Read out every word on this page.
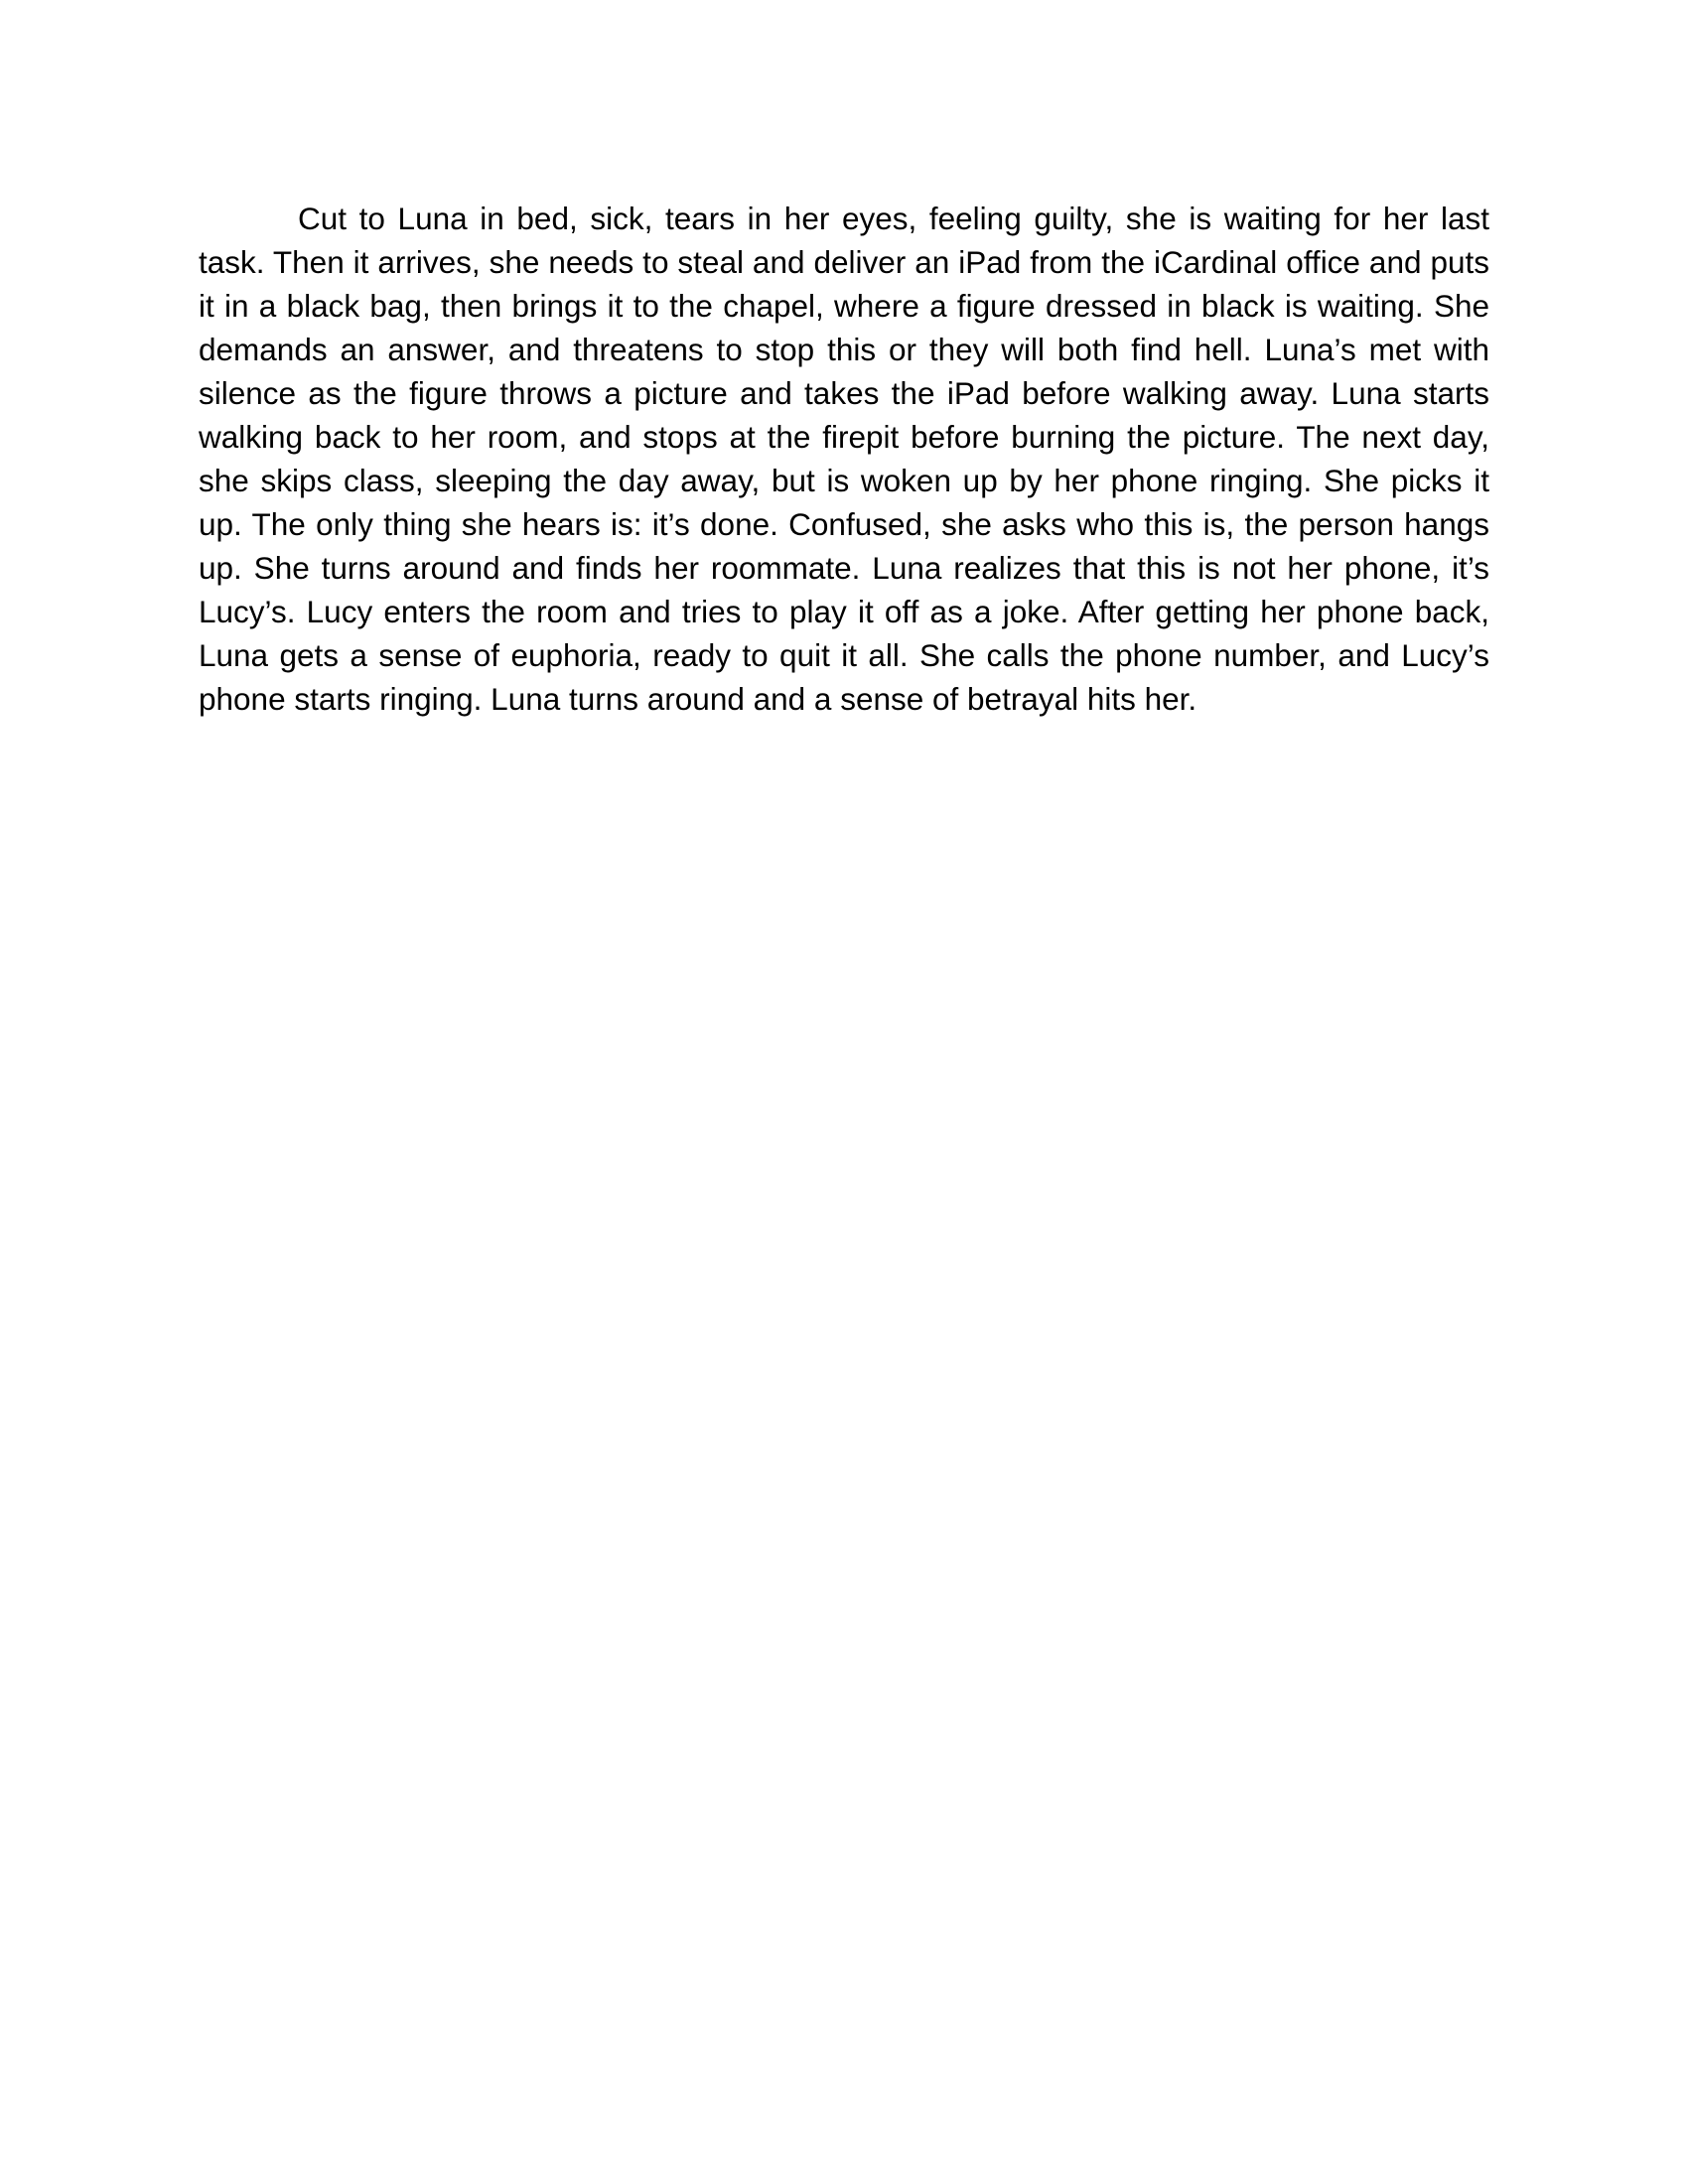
Cut to Luna in bed, sick, tears in her eyes, feeling guilty, she is waiting for her last task. Then it arrives, she needs to steal and deliver an iPad from the iCardinal office and puts it in a black bag, then brings it to the chapel, where a figure dressed in black is waiting. She demands an answer, and threatens to stop this or they will both find hell. Luna’s met with silence as the figure throws a picture and takes the iPad before walking away. Luna starts walking back to her room, and stops at the firepit before burning the picture. The next day, she skips class, sleeping the day away, but is woken up by her phone ringing. She picks it up. The only thing she hears is: it’s done. Confused, she asks who this is, the person hangs up. She turns around and finds her roommate. Luna realizes that this is not her phone, it’s Lucy’s. Lucy enters the room and tries to play it off as a joke. After getting her phone back, Luna gets a sense of euphoria, ready to quit it all. She calls the phone number, and Lucy’s phone starts ringing. Luna turns around and a sense of betrayal hits her.
